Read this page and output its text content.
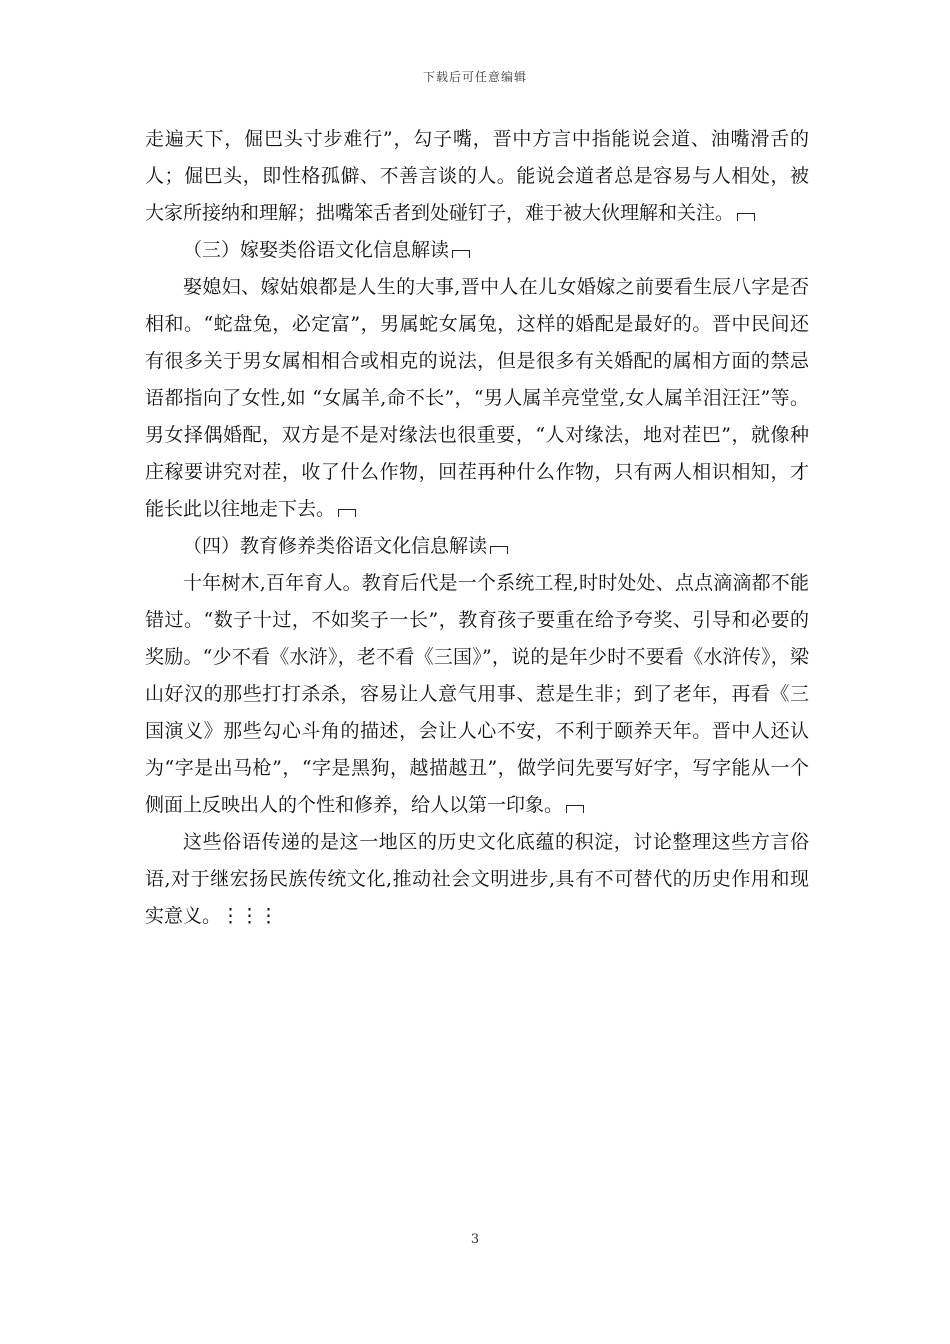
下载后可任意编辑

走遍天下，倔巴头寸步难行”，勾子嘴，晋中方言中指能说会道、油嘴滑舌的人；倔巴头，即性格孤僻、不善言谈的人。能说会道者总是容易与人相处，被大家所接纳和理解；拙嘴笨舌者到处碰钉子，难于被大伙理解和关注。

（三）嫁娶类俗语文化信息解读

娶媳妇、嫁姑娘都是人生的大事,晋中人在儿女婚嫁之前要看生辰八字是否相和。“蛇盘兔，必定富”，男属蛇女属兔，这样的婚配是最好的。晋中民间还有很多关于男女属相相合或相克的说法，但是很多有关婚配的属相方面的禁忌语都指向了女性,如 “女属羊,命不长”，“男人属羊亮堂堂,女人属羊泪汪汪”等。男女择偶婚配，双方是不是对缘法也很重要，“人对缘法，地对茬巴”，就像种庄稼要讲究对茬，收了什么作物，回茬再种什么作物，只有两人相识相知，才能长此以往地走下去。

（四）教育修养类俗语文化信息解读

十年树木,百年育人。教育后代是一个系统工程,时时处处、点点滴滴都不能错过。“数子十过，不如奖子一长”，教育孩子要重在给予夸奖、引导和必要的奖励。“少不看《水浒》，老不看《三国》”，说的是年少时不要看《水浒传》，梁山好汉的那些打打杀杀，容易让人意气用事、惹是生非；到了老年，再看《三国演义》那些勾心斗角的描述，会让人心不安，不利于颐养天年。晋中人还认为“字是出马枪”，“字是黑狗，越描越丑”，做学问先要写好字，写字能从一个侧面上反映出人的个性和修养，给人以第一印象。

这些俗语传递的是这一地区的历史文化底蕴的积淀，讨论整理这些方言俗语,对于继宏扬民族传统文化,推动社会文明进步,具有不可替代的历史作用和现实意义。⋮⋮⋮

3
